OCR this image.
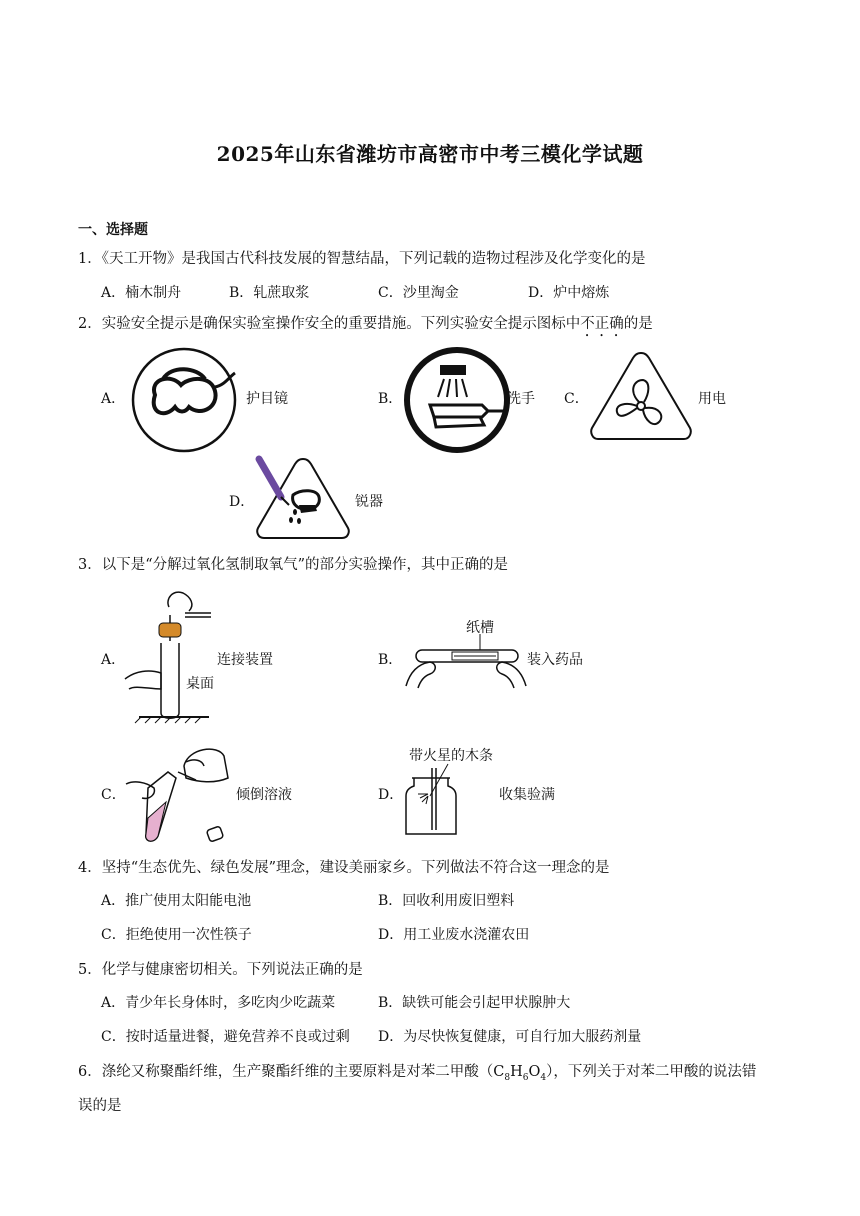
2025年山东省潍坊市高密市中考三模化学试题
一、选择题
1．《天工开物》是我国古代科技发展的智慧结晶，下列记载的造物过程涉及化学变化的是
A．楠木制舟	B．轧蔗取浆	C．沙里淘金	D．炉中熔炼
2．实验安全提示是确保实验室操作安全的重要措施。下列实验安全提示图标中不正确的是
A．	护目镜	B．	洗手 C．	用电
D．	锐器
3．以下是“分解过氧化氢制取氧气”的部分实验操作，其中正确的是
A．
桌面
连接装置	B．
纸槽
装入药品
C．	倾倒溶液	D．
带火星的木条
收集验满
4．坚持“生态优先、绿色发展”理念，建设美丽家乡。下列做法不符合这一理念的是
A．推广使用太阳能电池	B．回收利用废旧塑料
C．拒绝使用一次性筷子	D．用工业废水浇灌农田
5．化学与健康密切相关。下列说法正确的是
A．青少年长身体时，多吃肉少吃蔬菜	B．缺铁可能会引起甲状腺肿大
C．按时适量进餐，避免营养不良或过剩 D．为尽快恢复健康，可自行加大服药剂量
6．涤纶又称聚酯纤维，生产聚酯纤维的主要原料是对苯二甲酸$(C_8H_6O_4)$，下列关于对苯二甲酸的说法错
误的是
